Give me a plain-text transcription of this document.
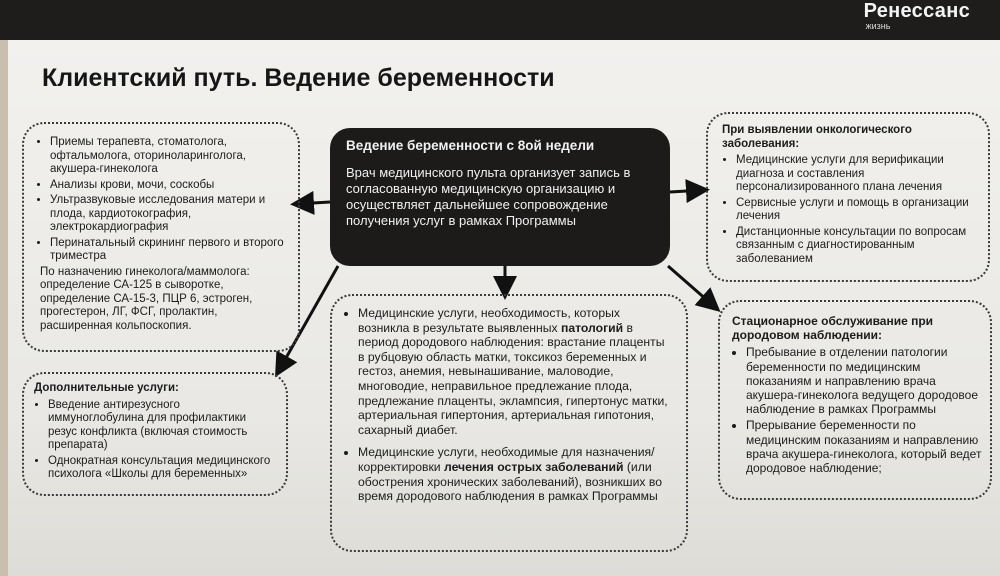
Ренессанс
жизнь
Клиентский путь. Ведение беременности
• Приемы терапевта, стоматолога, офтальмолога, оториноларинголога, акушера-гинеколога
• Анализы крови, мочи, соскобы
• Ультразвуковые исследования матери и плода, кардиотокография, электрокардиография
• Перинатальный скрининг первого и второго триместра

По назначению гинеколога/маммолога: определение СА-125 в сыворотке, определение СА-15-3, ПЦР 6, эстроген, прогестерон, ЛГ, ФСГ, пролактин, расширенная кольпоскопия.

Дополнительные услуги:

• Введение антирезусного иммуноглобулина для профилактики резус конфликта (включая стоимость препарата)
• Однократная консультация медицинского психолога «Школы для беременных»
Ведение беременности с 8ой недели
Врач медицинского пульта организует запись в согласованную медицинскую организацию и осуществляет дальнейшее сопровождение получения услуг в рамках Программы
• Медицинские услуги, необходимость, которых возникла в результате выявленных патологий в период дородового наблюдения: врастание плаценты в рубцовую область матки, токсикоз беременных и гестоз, анемия, невынашивание, маловодие, многоводие, неправильное предлежание плода, предлежание плаценты, эклампсия, гипертонус матки, артериальная гипертония, артериальная гипотония, сахарный диабет.
• Медицинские услуги, необходимые для назначения/корректировки лечения острых заболеваний (или обострения хронических заболеваний), возникших во время дородового наблюдения в рамках Программы

При выявлении онкологического заболевания:

• Медицинские услуги для верификации диагноза и составления персонализированного плана лечения
• Сервисные услуги и помощь в организации лечения
• Дистанционные консультации по вопросам связанным с диагностированным заболеванием

Стационарное обслуживание при дородовом наблюдении:

• Пребывание в отделении патологии беременности по медицинским показаниям и направлению врача акушера-гинеколога ведущего дородовое наблюдение в рамках Программы
• Прерывание беременности по медицинским показаниям и направлению врача акушера-гинеколога, который ведет дородовое наблюдение;
